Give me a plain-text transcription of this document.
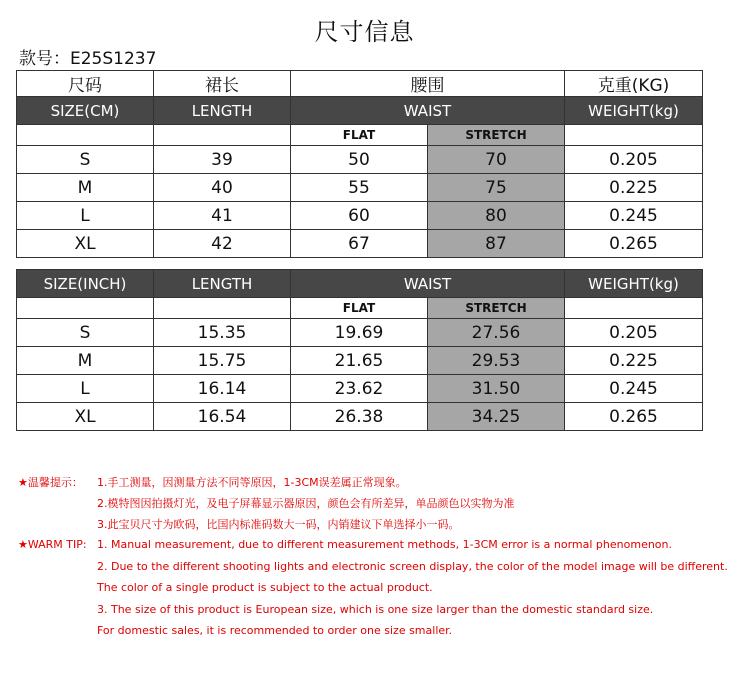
尺寸信息
款号：E25S1237
尺码	裙长	腰围		克重(KG)
SIZE(CM)	LENGTH	WAIST		WEIGHT(kg)
		FLAT	STRETCH	
S	39	50	70	0.205
M	40	55	75	0.225
L	41	60	80	0.245
XL	42	67	87	0.265
SIZE(INCH)	LENGTH	WAIST		WEIGHT(kg)
		FLAT	STRETCH	
S	15.35	19.69	27.56	0.205
M	15.75	21.65	29.53	0.225
L	16.14	23.62	31.50	0.245
XL	16.54	26.38	34.25	0.265
★温馨提示： 1.手工测量，因测量方法不同等原因，1-3CM误差属正常现象。
2.模特图因拍摄灯光，及电子屏幕显示器原因，颜色会有所差异，单品颜色以实物为准
3.此宝贝尺寸为欧码，比国内标准码数大一码，内销建议下单选择小一码。
★WARM TIP: 1. Manual measurement, due to different measurement methods, 1-3CM error is a normal phenomenon.
2. Due to the different shooting lights and electronic screen display, the color of the model image will be different.
The color of a single product is subject to the actual product.
3. The size of this product is European size, which is one size larger than the domestic standard size.
For domestic sales, it is recommended to order one size smaller.
